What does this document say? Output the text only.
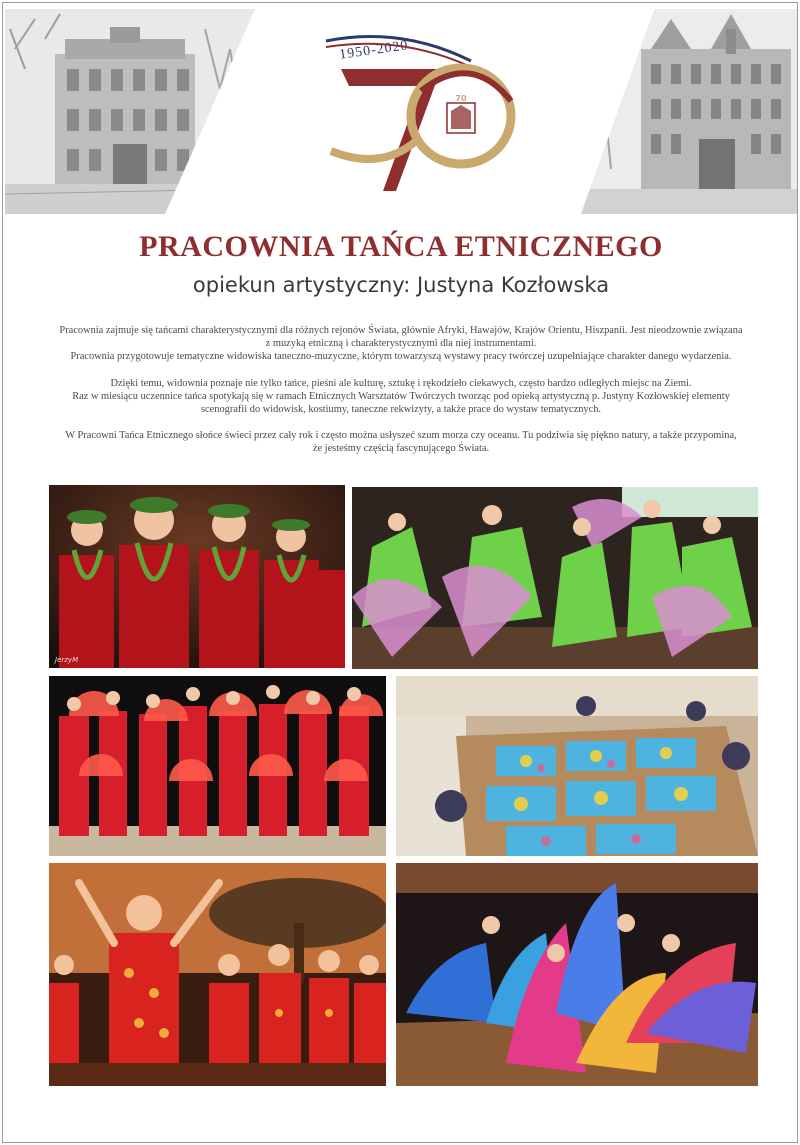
1950-2020
70
PRACOWNIA TAŃCA ETNICZNEGO
opiekun artystyczny: Justyna Kozłowska

Pracownia zajmuje się tańcami charakterystycznymi dla różnych rejonów Świata, głównie Afryki, Hawajów, Krajów Orientu, Hiszpanii. Jest nieodzownie związana
z muzyką etniczną i charakterystycznymi dla niej instrumentami.
Pracownia przygotowuje tematyczne widowiska taneczno-muzyczne, którym towarzyszą wystawy pracy twórczej uzupełniające charakter danego wydarzenia.

Dzięki temu, widownia poznaje nie tylko tańce, pieśni ale kulturę, sztukę i rękodzieło ciekawych, często bardzo odległych miejsc na Ziemi.
Raz w miesiącu uczennice tańca spotykają się w ramach Etnicznych Warsztatów Twórczych tworząc pod opieką artystyczną p. Justyny Kozłowskiej elementy
scenografii do widowisk, kostiumy, taneczne rekwizyty, a także prace do wystaw tematycznych.

W Pracowni Tańca Etnicznego słońce świeci przez cały rok i często można usłyszeć szum morza czy oceanu. Tu podziwia się piękno natury, a także przypomina,
że jesteśmy częścią fascynującego Świata.

JerzyM
